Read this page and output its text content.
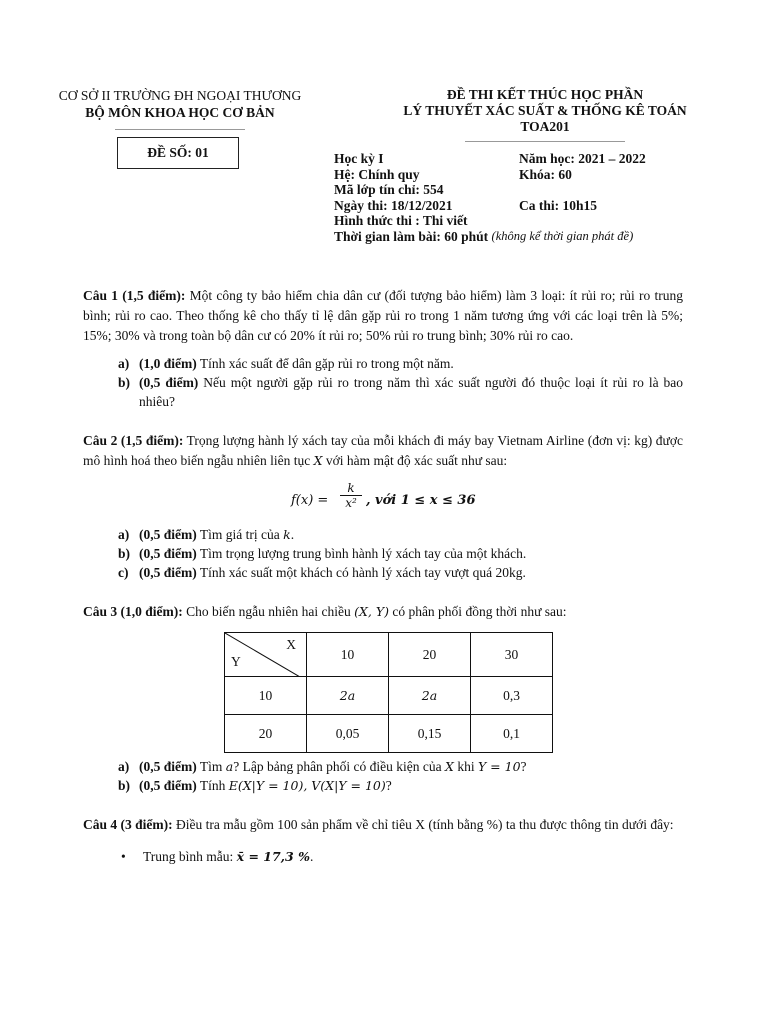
CƠ SỞ II TRƯỜNG ĐH NGOẠI THƯƠNG
BỘ MÔN KHOA HỌC CƠ BẢN
ĐỀ SỐ: 01
ĐỀ THI KẾT THÚC HỌC PHẦN
LÝ THUYẾT XÁC SUẤT & THỐNG KÊ TOÁN
TOA201
Học kỳ I	Năm học: 2021 – 2022
Hệ: Chính quy	Khóa: 60
Mã lớp tín chỉ: 554
Ngày thi: 18/12/2021	Ca thi: 10h15
Hình thức thi : Thi viết
Thời gian làm bài: 60 phút
(không kể thời gian phát đề)

Câu 1 (1,5 điểm): Một công ty bảo hiểm chia dân cư (đối tượng bảo hiểm) làm 3 loại: ít rủi ro; rủi ro trung bình; rủi ro cao. Theo thống kê cho thấy tỉ lệ dân gặp rủi ro trong 1 năm tương ứng với các loại trên là 5%; 15%; 30% và trong toàn bộ dân cư có 20% ít rủi ro; 50% rủi ro trung bình; 30% rủi ro cao.

a) (1,0 điểm) Tính xác suất để dân gặp rủi ro trong một năm.
b) (0,5 điểm) Nếu một người gặp rủi ro trong năm thì xác suất người đó thuộc loại ít rủi ro là bao nhiêu?

Câu 2 (1,5 điểm): Trọng lượng hành lý xách tay của mỗi khách đi máy bay Vietnam Airline (đơn vị: kg) được mô hình hoá theo biến ngẫu nhiên liên tục X với hàm mật độ xác suất như sau:

$f(x) = \frac{k}{\text{x²}}$ , với 1 ≤ x ≤ 36
a) (0,5 điểm) Tìm giá trị của k.
b) (0,5 điểm) Tìm trọng lượng trung bình hành lý xách tay của một khách.
c) (0,5 điểm) Tính xác suất một khách có hành lý xách tay vượt quá 20kg.

Câu 3 (1,0 điểm): Cho biến ngẫu nhiên hai chiều (X, Y) có phân phối đồng thời như sau:

X
Y	10	20	30
10	2a	2a	0,3
20	0,05	0,15	0,1
a) (0,5 điểm) Tìm a? Lập bảng phân phối có điều kiện của X khi Y = 10?
b) (0,5 điểm) Tính E(X|Y = 10), V(X|Y = 10)?

Câu 4 (3 điểm): Điều tra mẫu gồm 100 sản phẩm về chỉ tiêu X (tính bằng %) ta thu được thông tin dưới đây:

• Trung bình mẫu: x̄ = 17,3 %.
